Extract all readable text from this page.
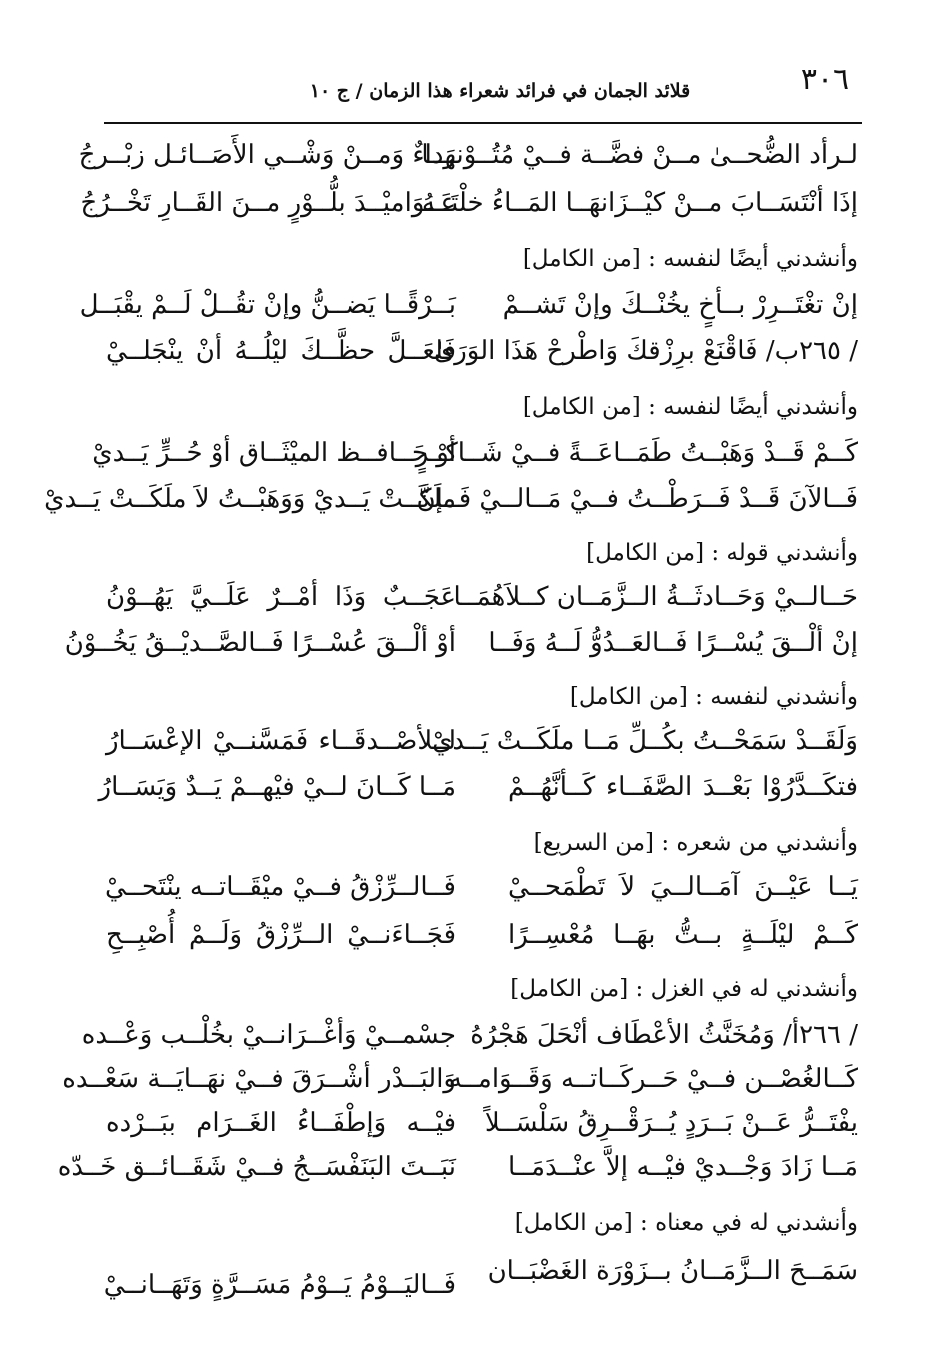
٣٠٦
قلائد الجمان في فرائد شعراء هذا الزمان / ج ١٠
لـرأد الضُّحــىٰ مــنْ فضَّــة فــيْ مُتُــوْنهَــا
رداءٌ وَمــنْ وَشْــي الأَصَــائـل زبْــرجُ
إذَا أنْتَسَــابَ مــنْ كيْــزَانهَــا المَــاءُ خلْتَــهُ
عَــوَاميْــدَ بلُّــوْرٍ مــنَ القَــارِ تَخْــرُجُ
وأنشدني أيضًا لنفسه : [من الكامل]
إنْ تغْتَــرِرْ بــأخٍ يخُنْــكَ وإنْ تَشــمْ
بَــرْقًــا يَضــنُّ وإنْ تقُــلْ لَــمْ يقْبَــل
/ ٢٦٥ب/ فَاقْنَعْ برِزْقكَ وَاطْرحْ هَذَا الوَرَىٰ
فَلعَــلَّ حظَّــكَ ليْلُــهُ أنْ ينْجَلــيْ
وأنشدني أيضًا لنفسه : [من الكامل]
كَــمْ قَــدْ وَهَبْــتُ طَمَــاعَــةً فــيْ شَــاكــرٍ
أوْ حَــافــظ الميْثَــاق أوْ حُــرٍّ يَــديْ
فَــالآنَ قَــدْ فَــرَطْــتُ فــيْ مَــالــيْ فَــإنَّ
ملَكَــتْ يَــديْ وَوَهَبْــتُ لاَ ملَكَــتْ يَــديْ
وأنشدني قوله : [من الكامل]
حَــالــيْ وَحَــادثَــةُ الــزَّمَــان كــلاَهُمَــا
عَجَــبٌ وَذَا أمْــرٌ عَلَــيَّ يَهُــوْنُ
إنْ ألْــقَ يُسْــرًا فَــالعَــدُوُّ لَــهُ وَفَــا
أوْ ألْــقَ عُسْــرًا فَــالصَّــديْــقُ يَخُــوْنُ
وأنشدني لنفسه : [من الكامل]
وَلَقَــدْ سَمَحْــتُ بكُــلِّ مَــا ملَكَــتْ يَــديْ
لــلأصْــدقَــاء فَمَسَّنــيْ الإعْسَــارُ
فتكَــدَّرُوْا بَعْــدَ الصَّفَــاء كَــأنَّهُــمْ
مَــا كَــانَ لــيْ فيْهــمْ يَــدٌ وَيَسَــارُ
وأنشدني من شعره : [من السريع]
يَــا عَيْــنَ آمَــالــيَ لاَ تَطْمَحــيْ
فَــالــرِّزْقُ فــيْ ميْقَــاتــه ينْتَحــيْ
كَــمْ ليْلَــةٍ بــتُّ بهَــا مُعْسِــرًا
فَجَــاءَنــيْ الــرِّزْقُ وَلَــمْ أُصْبِــحِ
وأنشدني له في الغزل : [من الكامل]
/ ٢٦٦أ/ وَمُخَنَّثُ الأعْطَاف أنْحَلَ هَجْرُهُ
جسْمــيْ وَأغْــرَانــيْ بخُلْــب وَعْــده
كَــالغُصْــن فــيْ حَــركَــاتــه وَقَــوَامــه
وَالبَــدْر أشْــرَقَ فــيْ نهَــايَــة سَعْــده
يفْتَــرُّ عَــنْ بَــرَدٍ يُــرَقْــرِقُ سَلْسَــلاً
فيْــه وَإطْفَــاءُ الغَــرَام ببَــرْده
مَــا زَادَ وَجْــديْ فيْــه إلاَّ عنْــدَمَــا
نَبَــتَ البَنَفْسَــجُ فــيْ شَقَــائــق خَــدّه
وأنشدني له في معناه : [من الكامل]
سَمَــحَ الــزَّمَــانُ بــزَوْرَة الغَضْبَــان
فَــاليَــوْمُ يَــوْمُ مَسَــرَّةٍ وَتَهَــانــيْ
